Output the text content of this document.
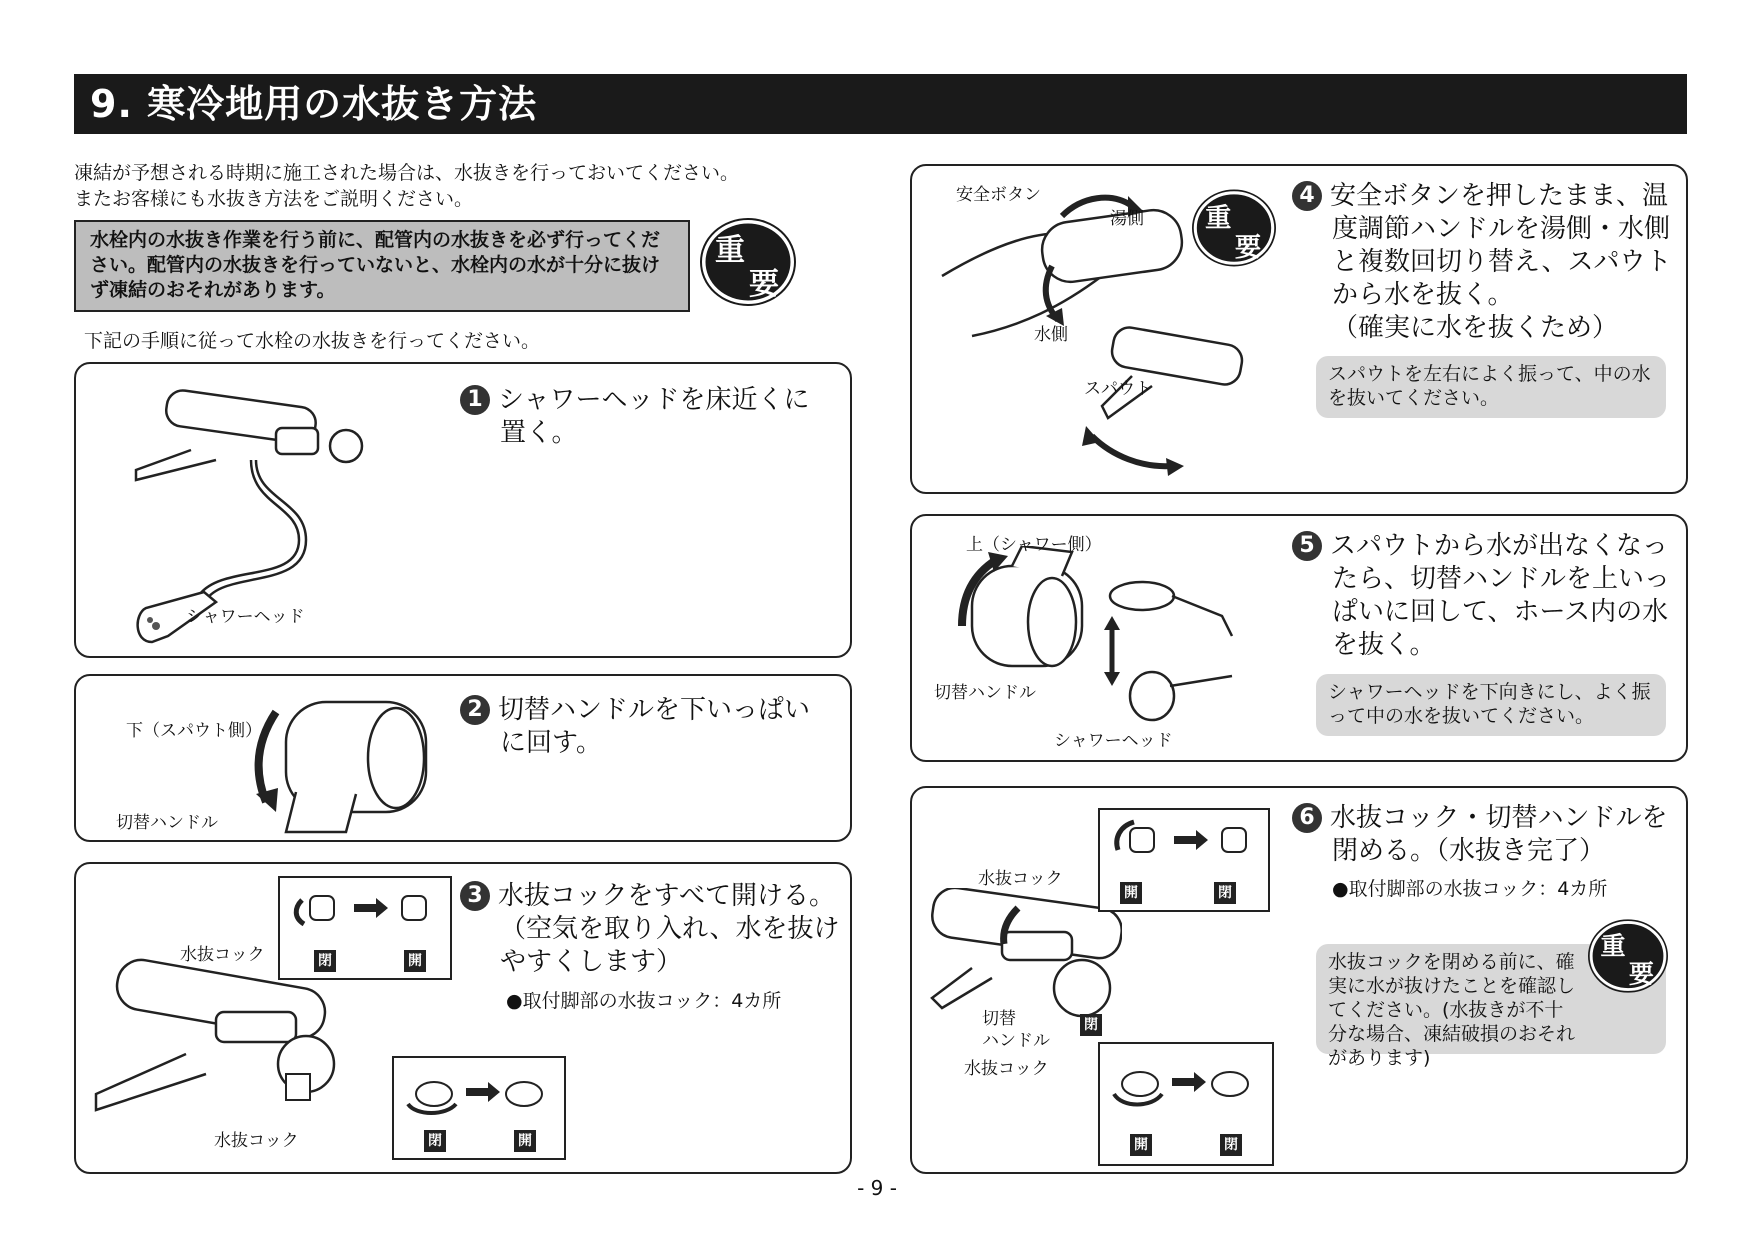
9. 寒冷地用の水抜き方法
凍結が予想される時期に施工された場合は、水抜きを行っておいてください。
またお客様にも水抜き方法をご説明ください。
水栓内の水抜き作業を行う前に、配管内の水抜きを必ず行ってください。配管内の水抜きを行っていないと、水栓内の水が十分に抜けず凍結のおそれがあります。
重
要
下記の手順に従って水栓の水抜きを行ってください。
シャワーヘッド
1 シャワーヘッドを床近くに
置く。
下（スパウト側）
切替ハンドル
2 切替ハンドルを下いっぱい
に回す。
水抜コック
水抜コック
閉	開
閉	開
3 水抜コックをすべて開ける。
（空気を取り入れ、水を抜け
やすくします）
●取付脚部の水抜コック：4カ所
安全ボタン
湯側
水側
スパウト
重
要
4 安全ボタンを押したまま、温
度調節ハンドルを湯側・水側
と複数回切り替え、スパウト
から水を抜く。
（確実に水を抜くため）
スパウトを左右によく振って、中の水を抜いてください。
上（シャワー側）
切替ハンドル
シャワーヘッド
5 スパウトから水が出なくなっ
たら、切替ハンドルを上いっ
ぱいに回して、ホース内の水
を抜く。
シャワーヘッドを下向きにし、よく振って中の水を抜いてください。
水抜コック
切替
ハンドル
水抜コック
開	閉
閉
開	閉
6 水抜コック・切替ハンドルを
閉める。（水抜き完了）
●取付脚部の水抜コック：4カ所
水抜コックを閉める前に、確実に水が抜けたことを確認してください。(水抜きが不十分な場合、凍結破損のおそれがあります)
重
要
- 9 -
